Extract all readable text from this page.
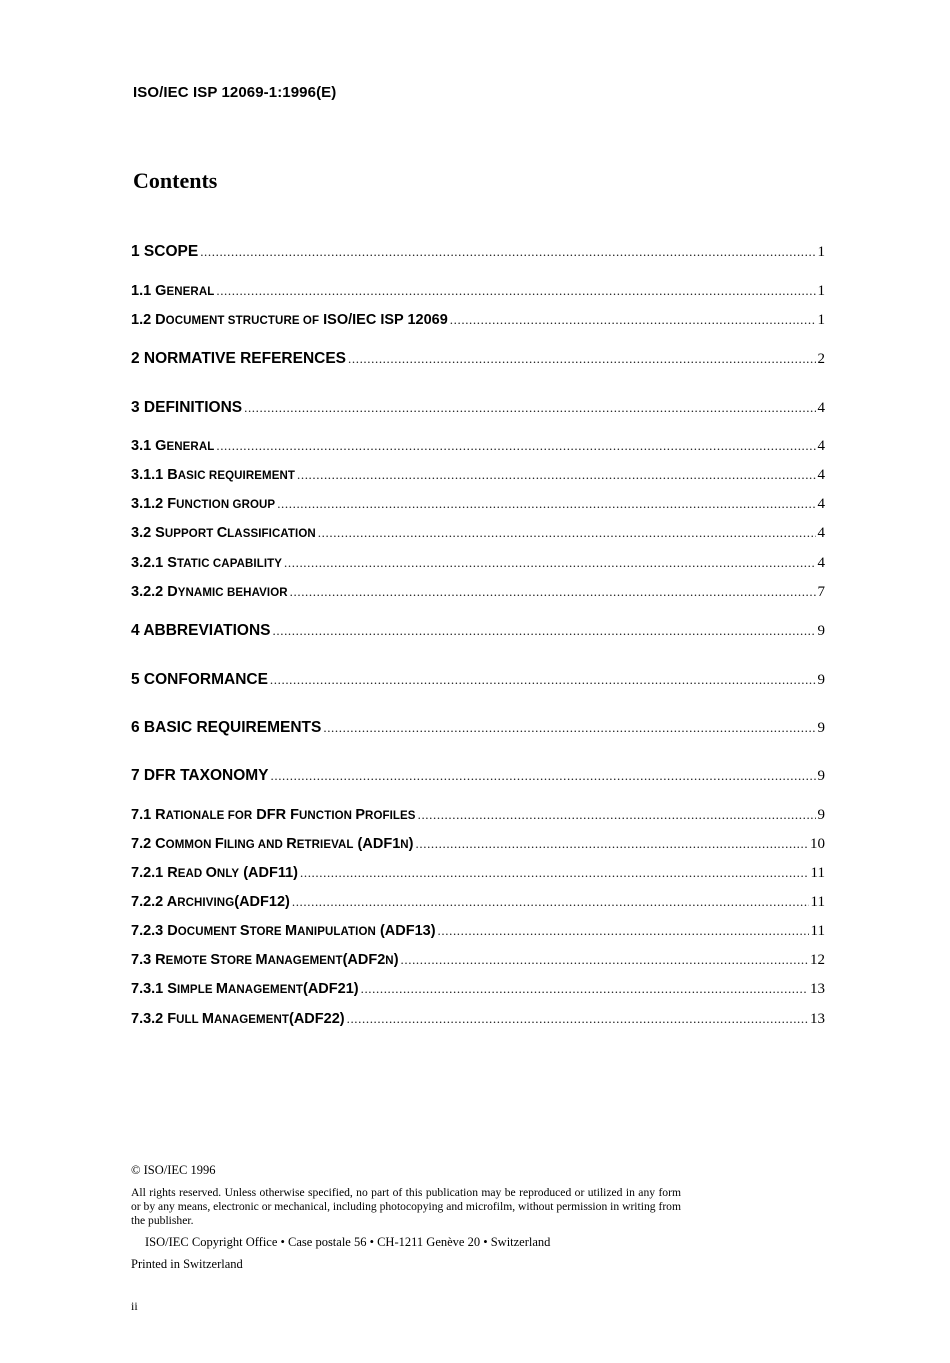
ISO/IEC ISP 12069-1:1996(E)
Contents
1 SCOPE .....	1
1.1 GENERAL .....	1
1.2 DOCUMENT STRUCTURE OF ISO/IEC ISP 12069 .....	1
2 NORMATIVE REFERENCES .....	2
3 DEFINITIONS .....	4
3.1 GENERAL .....	4
3.1.1 BASIC REQUIREMENT .....	4
3.1.2 FUNCTION GROUP .....	4
3.2 SUPPORT CLASSIFICATION .....	4
3.2.1 STATIC CAPABILITY .....	4
3.2.2 DYNAMIC BEHAVIOR .....	7
4 ABBREVIATIONS .....	9
5 CONFORMANCE .....	9
6 BASIC REQUIREMENTS .....	9
7 DFR TAXONOMY .....	9
7.1 RATIONALE FOR DFR FUNCTION PROFILES .....	9
7.2 COMMON FILING AND RETRIEVAL (ADF1N) .....	10
7.2.1 READ ONLY (ADF11) .....	11
7.2.2 ARCHIVING(ADF12) .....	11
7.2.3 DOCUMENT STORE MANIPULATION (ADF13) .....	11
7.3 REMOTE STORE MANAGEMENT(ADF2N) .....	12
7.3.1 SIMPLE MANAGEMENT(ADF21) .....	13
7.3.2 FULL MANAGEMENT(ADF22) .....	13
© ISO/IEC 1996
All rights reserved. Unless otherwise specified, no part of this publication may be reproduced or utilized in any form or by any means, electronic or mechanical, including photocopying and microfilm, without permission in writing from the publisher.
ISO/IEC Copyright Office • Case postale 56 • CH-1211 Genève 20 • Switzerland
Printed in Switzerland
ii
